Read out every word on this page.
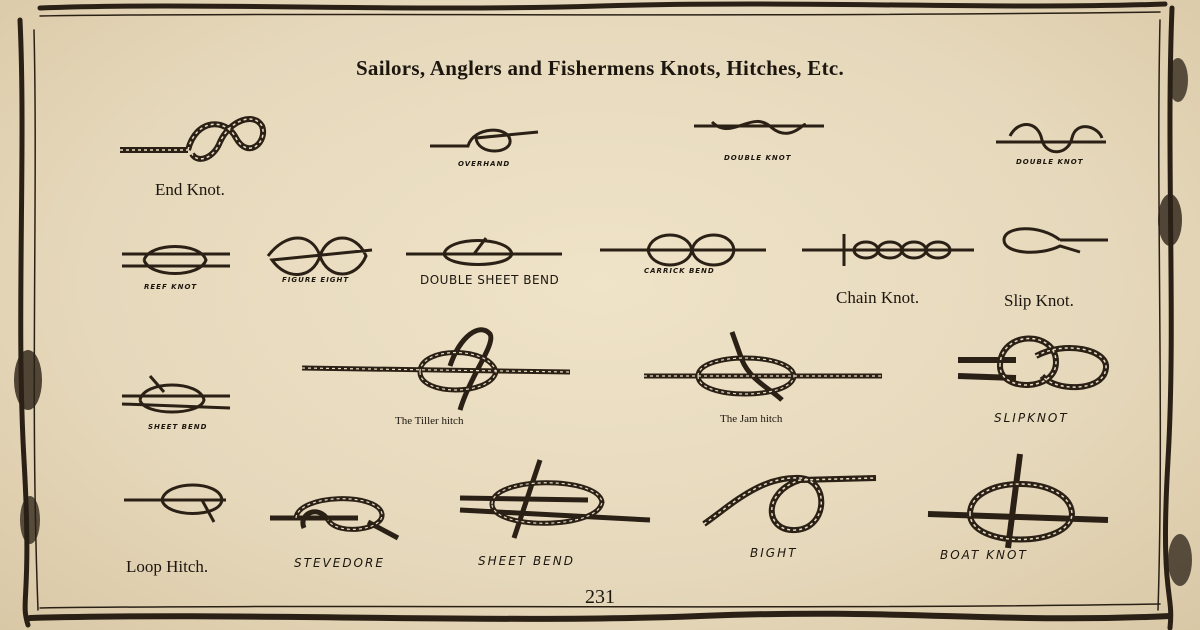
Sailors, Anglers and Fishermens Knots, Hitches, Etc.
End Knot.
OVERHAND
DOUBLE KNOT	DOUBLE KNOT
REEF KNOT
FIGURE EIGHT	DOUBLE SHEET BEND
CARRICK BEND
Chain Knot.	Slip Knot.
SHEET BEND	The Tiller hitch	The Jam hitch	SLIPKNOT
Loop Hitch.	STEVEDORE	SHEET BEND
BIGHT	BOAT KNOT
231
